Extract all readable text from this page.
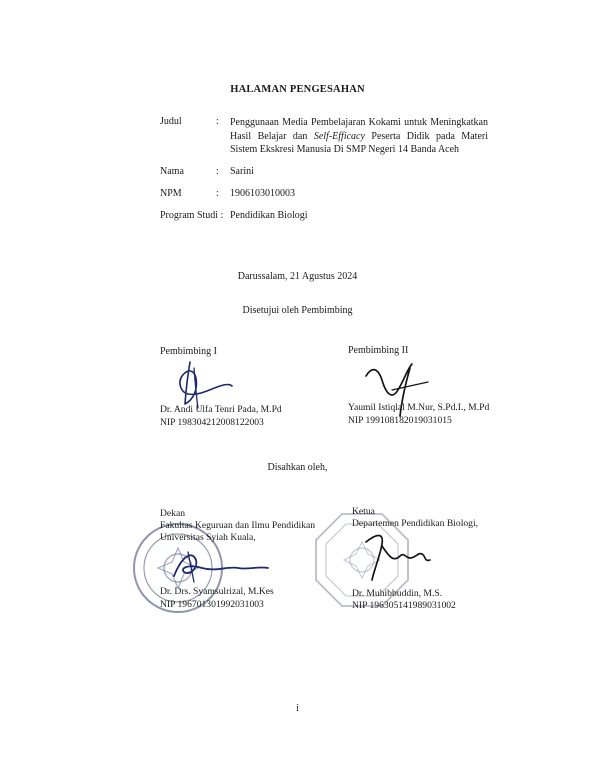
HALAMAN PENGESAHAN
Judul	: Penggunaan Media Pembelajaran Kokami untuk Meningkatkan Hasil Belajar dan Self-Efficacy Peserta Didik pada Materi Sistem Ekskresi Manusia Di SMP Negeri 14 Banda Aceh
Nama	: Sarini
NPM	: 1906103010003
Program Studi : Pendidikan Biologi
Darussalam, 21 Agustus 2024
Disetujui oleh Pembimbing
Pembimbing I
Dr. Andi Ulfa Tenri Pada, M.Pd
NIP 198304212008122003
Pembimbing II
Yaumil Istiqlal M.Nur, S.Pd.I., M.Pd
NIP 199108182019031015
Disahkan oleh,
Dekan
Fakultas Keguruan dan Ilmu Pendidikan
Universitas Syiah Kuala,
Dr. Drs. Syamsulrizal, M.Kes
NIP 196701301992031003
Ketua
Departemen Pendidikan Biologi,
Dr. Muhibbuddin, M.S.
NIP 196305141989031002
i
